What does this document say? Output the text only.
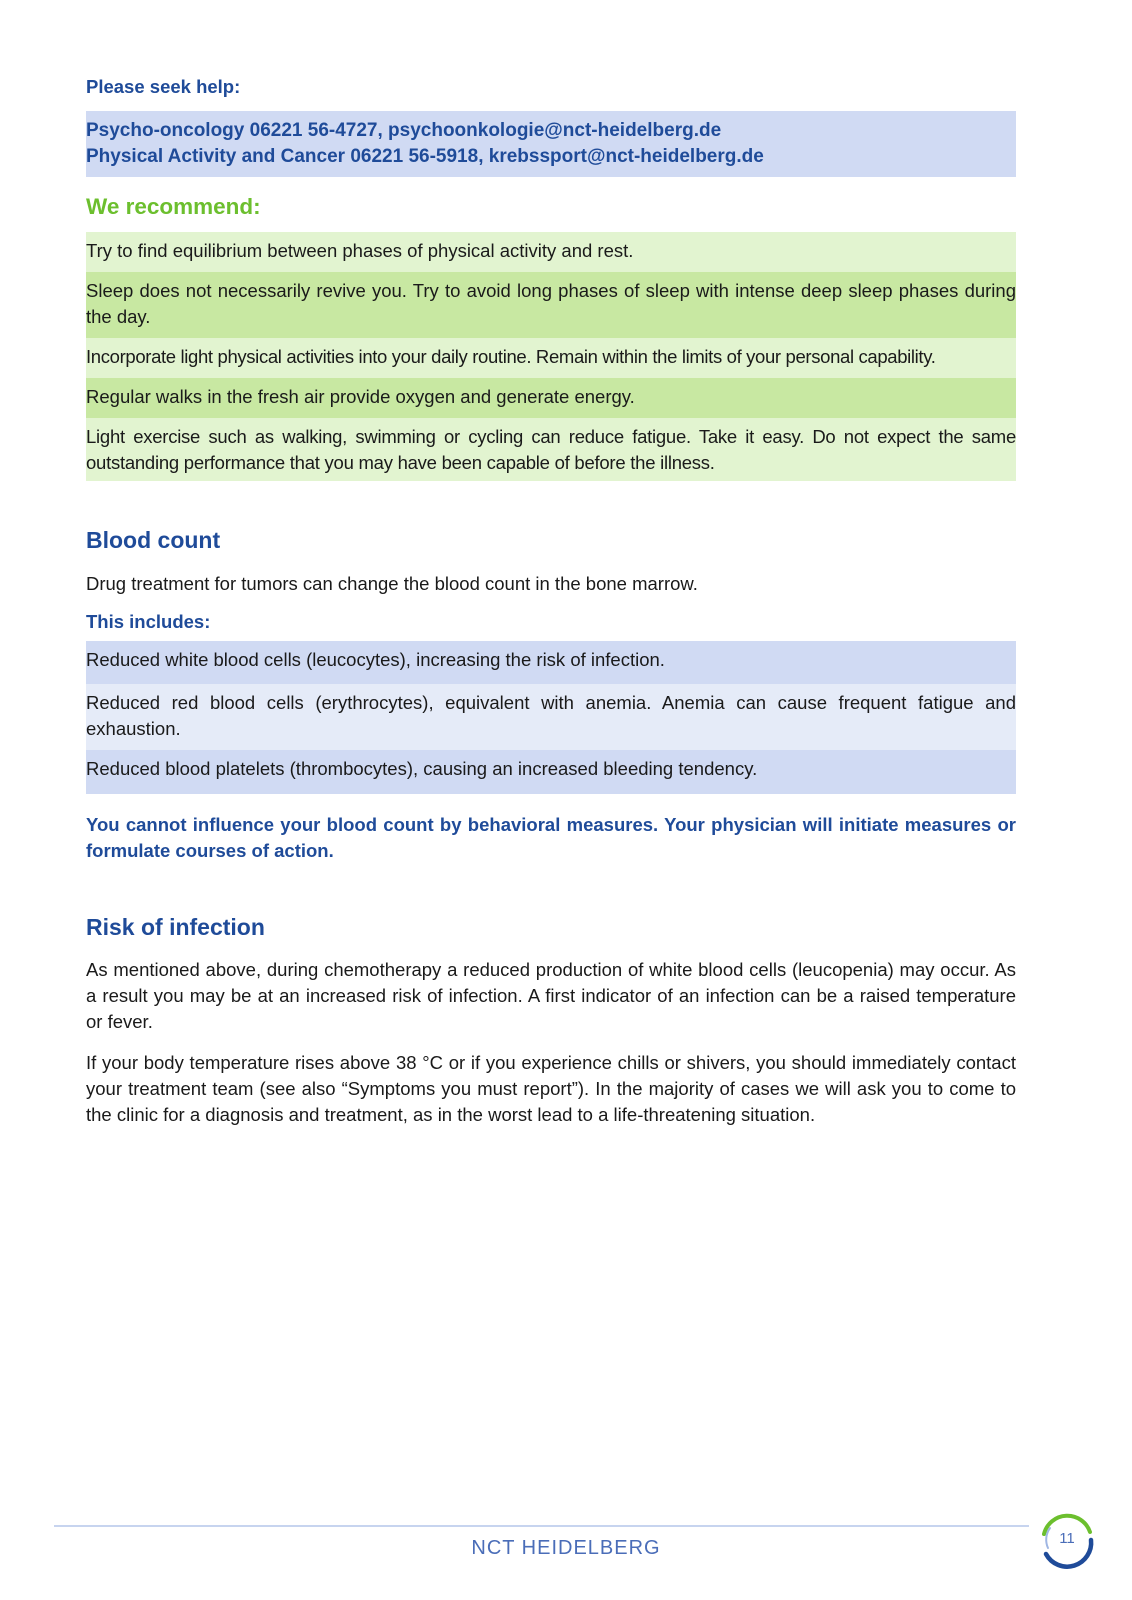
Please seek help:
Psycho-oncology 06221 56-4727, psychoonkologie@nct-heidelberg.de
Physical Activity and Cancer 06221 56-5918, krebssport@nct-heidelberg.de
We recommend:
Try to find equilibrium between phases of physical activity and rest.
Sleep does not necessarily revive you. Try to avoid long phases of sleep with intense deep sleep phases during the day.
Incorporate light physical activities into your daily routine. Remain within the limits of your personal capability.
Regular walks in the fresh air provide oxygen and generate energy.
Light exercise such as walking, swimming or cycling can reduce fatigue. Take it easy. Do not expect the same outstanding performance that you may have been capable of before the illness.
Blood count
Drug treatment for tumors can change the blood count in the bone marrow.
This includes:
Reduced white blood cells (leucocytes), increasing the risk of infection.
Reduced red blood cells (erythrocytes), equivalent with anemia. Anemia can cause frequent fatigue and exhaustion.
Reduced blood platelets (thrombocytes), causing an increased bleeding tendency.
You cannot influence your blood count by behavioral measures. Your physician will initiate measures or formulate courses of action.
Risk of infection
As mentioned above, during chemotherapy a reduced production of white blood cells (leucopenia) may occur. As a result you may be at an increased risk of infection. A first indicator of an infection can be a raised temperature or fever.
If your body temperature rises above 38 °C or if you experience chills or shivers, you should immediately contact your treatment team (see also “Symptoms you must report”). In the majority of cases we will ask you to come to the clinic for a diagnosis and treatment, as in the worst lead to a life-threatening situation.
NCT HEIDELBERG	11
